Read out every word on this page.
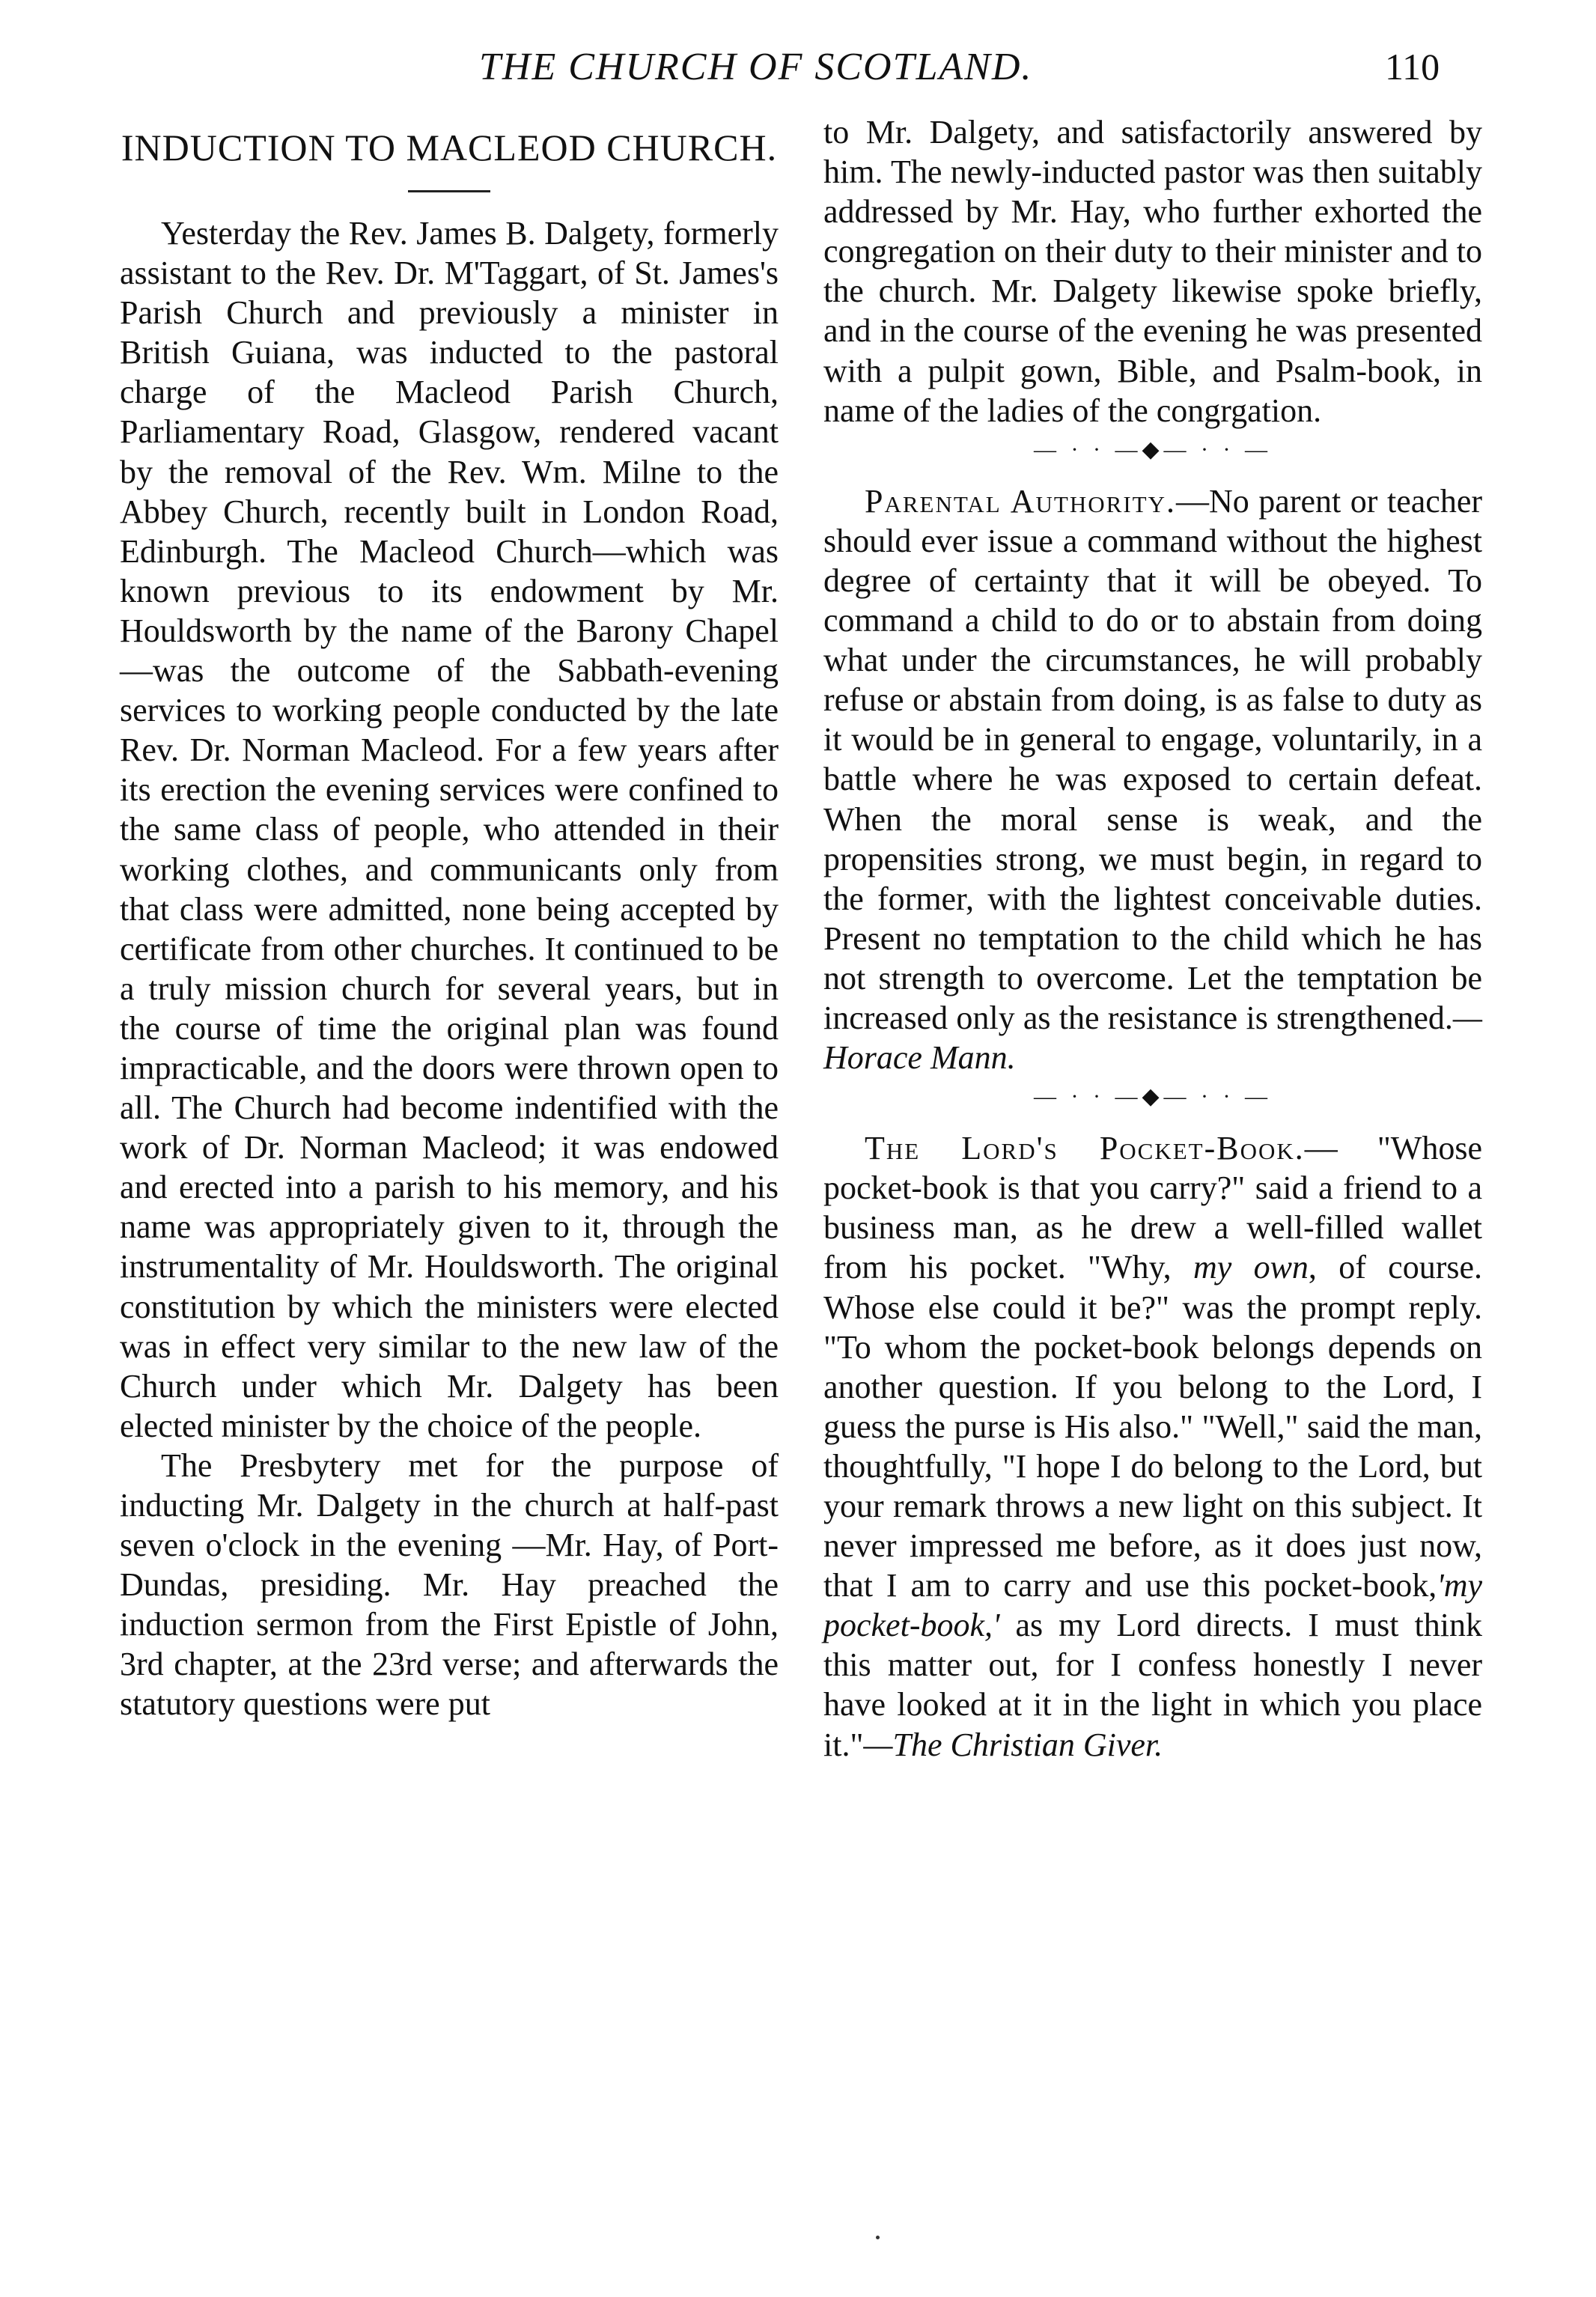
THE CHURCH OF SCOTLAND.	110
INDUCTION TO MACLEOD CHURCH.

Yesterday the Rev. James B. Dalgety, formerly assistant to the Rev. Dr. M'Taggart, of St. James's Parish Church and previously a minister in British Guiana, was inducted to the pastoral charge of the Macleod Parish Church, Parliamentary Road, Glasgow, rendered vacant by the removal of the Rev. Wm. Milne to the Abbey Church, recently built in London Road, Edinburgh. The Macleod Church—which was known previous to its endowment by Mr. Houldsworth by the name of the Barony Chapel—was the outcome of the Sabbath-evening services to working people conducted by the late Rev. Dr. Norman Macleod. For a few years after its erection the evening services were confined to the same class of people, who attended in their working clothes, and communicants only from that class were admitted, none being accepted by certificate from other churches. It continued to be a truly mission church for several years, but in the course of time the original plan was found impracticable, and the doors were thrown open to all. The Church had become indentified with the work of Dr. Norman Macleod; it was endowed and erected into a parish to his memory, and his name was appropriately given to it, through the instrumentality of Mr. Houldsworth. The original constitution by which the ministers were elected was in effect very similar to the new law of the Church under which Mr. Dalgety has been elected minister by the choice of the people.

The Presbytery met for the purpose of inducting Mr. Dalgety in the church at half-past seven o'clock in the evening —Mr. Hay, of Port-Dundas, presiding. Mr. Hay preached the induction sermon from the First Epistle of John, 3rd chapter, at the 23rd verse; and afterwards the statutory questions were put

to Mr. Dalgety, and satisfactorily answered by him. The newly-inducted pastor was then suitably addressed by Mr. Hay, who further exhorted the congregation on their duty to their minister and to the church. Mr. Dalgety likewise spoke briefly, and in the course of the evening he was presented with a pulpit gown, Bible, and Psalm-book, in name of the ladies of the congrgation.

— · · —◆— · · —

Parental Authority.—No parent or teacher should ever issue a command without the highest degree of certainty that it will be obeyed. To command a child to do or to abstain from doing what under the circumstances, he will probably refuse or abstain from doing, is as false to duty as it would be in general to engage, voluntarily, in a battle where he was exposed to certain defeat. When the moral sense is weak, and the propensities strong, we must begin, in regard to the former, with the lightest conceivable duties. Present no temptation to the child which he has not strength to overcome. Let the temptation be increased only as the resistance is strengthened.—Horace Mann.

— · · —◆— · · —

The Lord's Pocket-Book.— "Whose pocket-book is that you carry?" said a friend to a business man, as he drew a well-filled wallet from his pocket. "Why, my own, of course. Whose else could it be?" was the prompt reply. "To whom the pocket-book belongs depends on another question. If you belong to the Lord, I guess the purse is His also." "Well," said the man, thoughtfully, "I hope I do belong to the Lord, but your remark throws a new light on this subject. It never impressed me before, as it does just now, that I am to carry and use this pocket-book,'my pocket-book,' as my Lord directs. I must think this matter out, for I confess honestly I never have looked at it in the light in which you place it."—The Christian Giver.
